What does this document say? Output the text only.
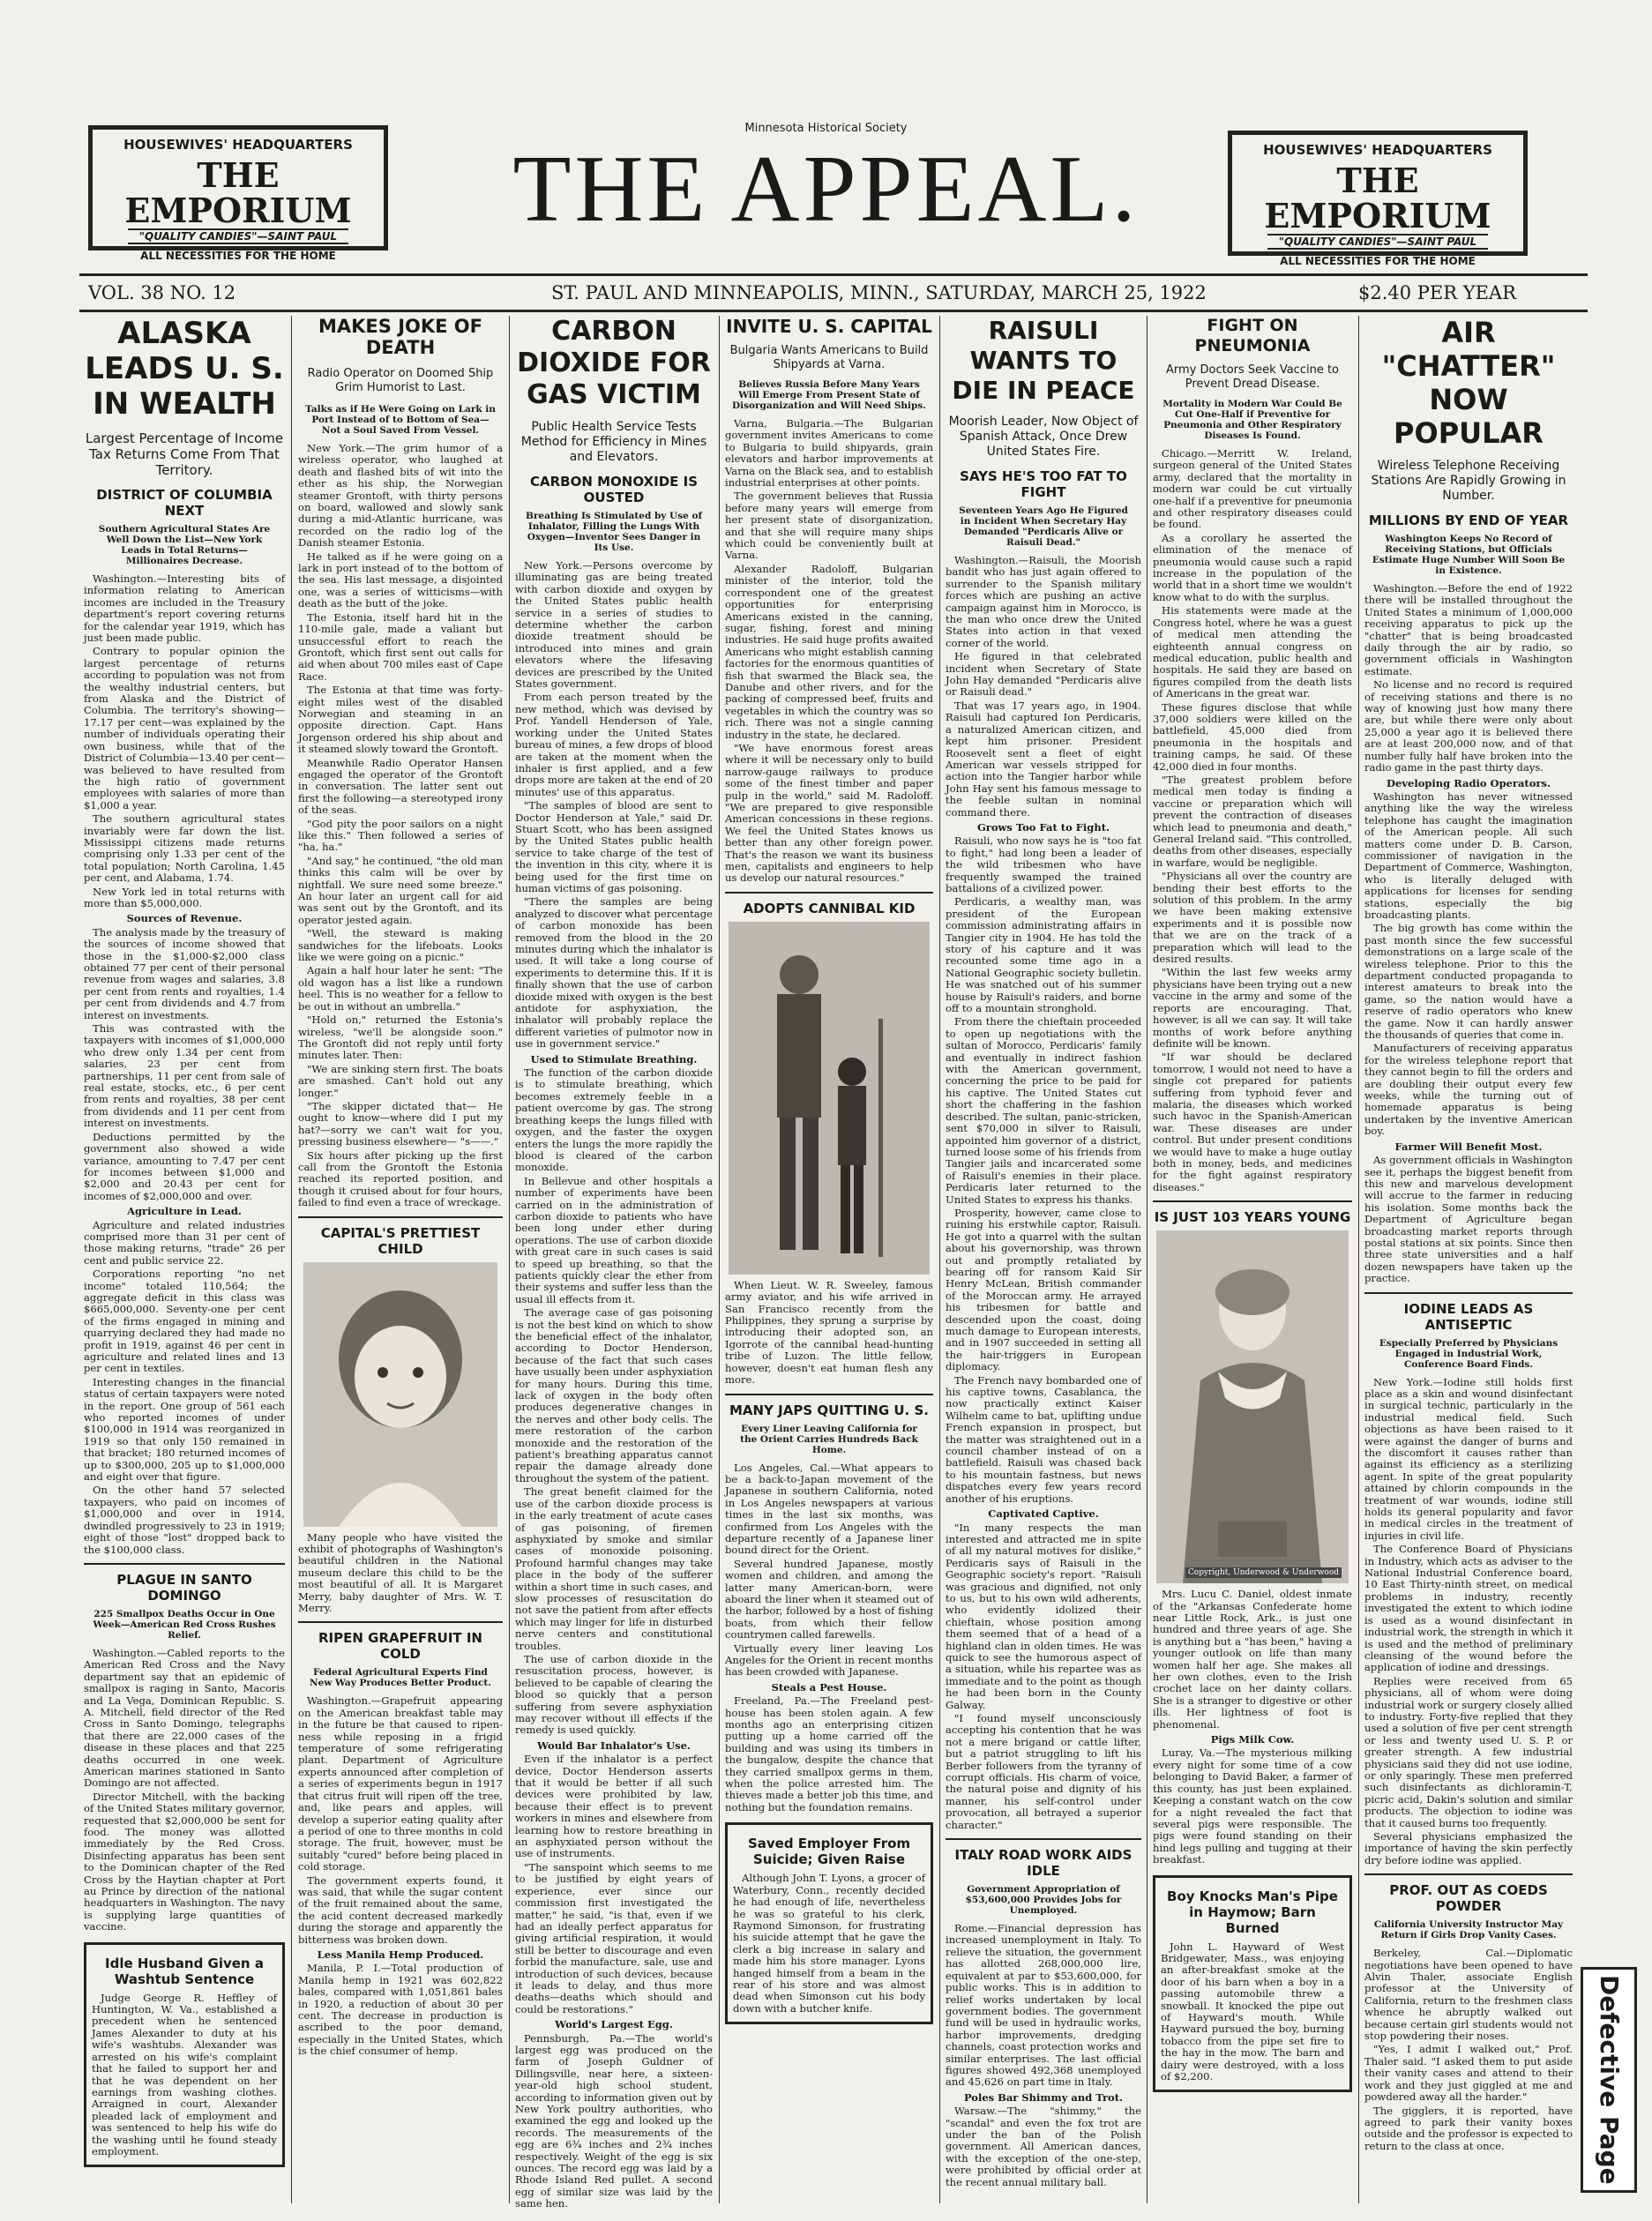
Minnesota Historical Society
HOUSEWIVES' HEADQUARTERS
THE EMPORIUM
"QUALITY CANDIES"—SAINT PAUL
ALL NECESSITIES FOR THE HOME
THE APPEAL.	HOUSEWIVES' HEADQUARTERS
THE EMPORIUM
"QUALITY CANDIES"—SAINT PAUL
ALL NECESSITIES FOR THE HOME
VOL. 38 NO. 12	ST. PAUL AND MINNEAPOLIS, MINN., SATURDAY, MARCH 25, 1922	$2.40 PER YEAR
ALASKA LEADS U. S. IN WEALTH
Largest Percentage of Income Tax Returns Come From That Territory.
DISTRICT OF COLUMBIA NEXT
Southern Agricultural States Are Well Down the List—New York Leads in Total Returns—Millionaires Decrease.

Washington.—Interesting bits of information relating to American incomes are included in the Treasury department's report covering returns for the calendar year 1919, which has just been made public.

Contrary to popular opinion the largest percentage of returns according to population was not from the wealthy industrial centers, but from Alaska and the District of Columbia. The territory's showing—17.17 per cent—was explained by the number of individuals operating their own business, while that of the District of Columbia—13.40 per cent—was believed to have resulted from the high ratio of government employees with salaries of more than $1,000 a year.

The southern agricultural states invariably were far down the list. Mississippi citizens made returns comprising only 1.33 per cent of the total population; North Carolina, 1.45 per cent, and Alabama, 1.74.

New York led in total returns with more than $5,000,000.

Sources of Revenue.

The analysis made by the treasury of the sources of income showed that those in the $1,000-$2,000 class obtained 77 per cent of their personal revenue from wages and salaries, 3.8 per cent from rents and royalties, 1.4 per cent from dividends and 4.7 from interest on investments.

This was contrasted with the taxpayers with incomes of $1,000,000 who drew only 1.34 per cent from salaries, 23 per cent from partnerships, 11 per cent from sale of real estate, stocks, etc., 6 per cent from rents and royalties, 38 per cent from dividends and 11 per cent from interest on investments.

Deductions permitted by the government also showed a wide variance, amounting to 7.47 per cent for incomes between $1,000 and $2,000 and 20.43 per cent for incomes of $2,000,000 and over.

Agriculture in Lead.

Agriculture and related industries comprised more than 31 per cent of those making returns, "trade" 26 per cent and public service 22.

Corporations reporting "no net income" totaled 110,564; the aggregate deficit in this class was $665,000,000. Seventy-one per cent of the firms engaged in mining and quarrying declared they had made no profit in 1919, against 46 per cent in agriculture and related lines and 13 per cent in textiles.

Interesting changes in the financial status of certain taxpayers were noted in the report. One group of 561 each who reported incomes of under $100,000 in 1914 was reorganized in 1919 so that only 150 remained in that bracket; 180 returned incomes of up to $300,000, 205 up to $1,000,000 and eight over that figure.

On the other hand 57 selected taxpayers, who paid on incomes of $1,000,000 and over in 1914, dwindled progressively to 23 in 1919; eight of those "lost" dropped back to the $100,000 class.

PLAGUE IN SANTO DOMINGO
225 Smallpox Deaths Occur in One Week—American Red Cross Rushes Relief.

Washington.—Cabled reports to the American Red Cross and the Navy department say that an epidemic of smallpox is raging in Santo, Macoris and La Vega, Dominican Republic. S. A. Mitchell, field director of the Red Cross in Santo Domingo, telegraphs that there are 22,000 cases of the disease in these places and that 225 deaths occurred in one week. American marines stationed in Santo Domingo are not affected.

Director Mitchell, with the backing of the United States military governor, requested that $2,000,000 be sent for food. The money was allotted immediately by the Red Cross. Disinfecting apparatus has been sent to the Dominican chapter of the Red Cross by the Haytian chapter at Port au Prince by direction of the national headquarters in Washington. The navy is supplying large quantities of vaccine.

Idle Husband Given a Washtub Sentence

Judge George R. Heffley of Huntington, W. Va., established a precedent when he sentenced James Alexander to duty at his wife's washtubs. Alexander was arrested on his wife's complaint that he failed to support her and that he was dependent on her earnings from washing clothes. Arraigned in court, Alexander pleaded lack of employment and was sentenced to help his wife do the washing until he found steady employment.

MAKES JOKE OF DEATH
Radio Operator on Doomed Ship Grim Humorist to Last.
Talks as if He Were Going on Lark in Port Instead of to Bottom of Sea—Not a Soul Saved From Vessel.

New York.—The grim humor of a wireless operator, who laughed at death and flashed bits of wit into the ether as his ship, the Norwegian steamer Grontoft, with thirty persons on board, wallowed and slowly sank during a mid-Atlantic hurricane, was recorded on the radio log of the Danish steamer Estonia.

He talked as if he were going on a lark in port instead of to the bottom of the sea. His last message, a disjointed one, was a series of witticisms—with death as the butt of the joke.

The Estonia, itself hard hit in the 110-mile gale, made a valiant but unsuccessful effort to reach the Grontoft, which first sent out calls for aid when about 700 miles east of Cape Race.

The Estonia at that time was forty-eight miles west of the disabled Norwegian and steaming in an opposite direction. Capt. Hans Jorgenson ordered his ship about and it steamed slowly toward the Grontoft.

Meanwhile Radio Operator Hansen engaged the operator of the Grontoft in conversation. The latter sent out first the following—a stereotyped irony of the seas.

"God pity the poor sailors on a night like this." Then followed a series of "ha, ha."

"And say," he continued, "the old man thinks this calm will be over by nightfall. We sure need some breeze." An hour later an urgent call for aid was sent out by the Grontoft, and its operator jested again.

"Well, the steward is making sandwiches for the lifeboats. Looks like we were going on a picnic."

Again a half hour later he sent: "The old wagon has a list like a rundown heel. This is no weather for a fellow to be out in without an umbrella."

"Hold on," returned the Estonia's wireless, "we'll be alongside soon." The Grontoft did not reply until forty minutes later. Then:

"We are sinking stern first. The boats are smashed. Can't hold out any longer."

"The skipper dictated that— He ought to know—where did I put my hat?—sorry we can't wait for you, pressing business elsewhere— "s——."

Six hours after picking up the first call from the Grontoft the Estonia reached its reported position, and though it cruised about for four hours, failed to find even a trace of wreckage.

CAPITAL'S PRETTIEST CHILD

Many people who have visited the exhibit of photographs of Washington's beautiful children in the National museum declare this child to be the most beautiful of all. It is Margaret Merry, baby daughter of Mrs. W. T. Merry.

RIPEN GRAPEFRUIT IN COLD
Federal Agricultural Experts Find New Way Produces Better Product.

Washington.—Grapefruit appearing on the American breakfast table may in the future be that caused to ripen-ness while reposing in a frigid temperature of some refrigerating plant. Department of Agriculture experts announced after completion of a series of experiments begun in 1917 that citrus fruit will ripen off the tree, and, like pears and apples, will develop a superior eating quality after a period of one to three months in cold storage. The fruit, however, must be suitably "cured" before being placed in cold storage.

The government experts found, it was said, that while the sugar content of the fruit remained about the same, the acid content decreased markedly during the storage and apparently the bitterness was broken down.

Less Manila Hemp Produced.

Manila, P. I.—Total production of Manila hemp in 1921 was 602,822 bales, compared with 1,051,861 bales in 1920, a reduction of about 30 per cent. The decrease in production is ascribed to the poor demand, especially in the United States, which is the chief consumer of hemp.

CARBON DIOXIDE FOR GAS VICTIM
Public Health Service Tests Method for Efficiency in Mines and Elevators.
CARBON MONOXIDE IS OUSTED
Breathing Is Stimulated by Use of Inhalator, Filling the Lungs With Oxygen—Inventor Sees Danger in Its Use.

New York.—Persons overcome by illuminating gas are being treated with carbon dioxide and oxygen by the United States public health service in a series of studies to determine whether the carbon dioxide treatment should be introduced into mines and grain elevators where the lifesaving devices are prescribed by the United States government.

From each person treated by the new method, which was devised by Prof. Yandell Henderson of Yale, working under the United States bureau of mines, a few drops of blood are taken at the moment when the inhaler is first applied, and a few drops more are taken at the end of 20 minutes' use of this apparatus.

"The samples of blood are sent to Doctor Henderson at Yale," said Dr. Stuart Scott, who has been assigned by the United States public health service to take charge of the test of the invention in this city, where it is being used for the first time on human victims of gas poisoning.

"There the samples are being analyzed to discover what percentage of carbon monoxide has been removed from the blood in the 20 minutes during which the inhalator is used. It will take a long course of experiments to determine this. If it is finally shown that the use of carbon dioxide mixed with oxygen is the best antidote for asphyxiation, the inhalator will probably replace the different varieties of pulmotor now in use in government service."

Used to Stimulate Breathing.

The function of the carbon dioxide is to stimulate breathing, which becomes extremely feeble in a patient overcome by gas. The strong breathing keeps the lungs filled with oxygen, and the faster the oxygen enters the lungs the more rapidly the blood is cleared of the carbon monoxide.

In Bellevue and other hospitals a number of experiments have been carried on in the administration of carbon dioxide to patients who have been long under ether during operations. The use of carbon dioxide with great care in such cases is said to speed up breathing, so that the patients quickly clear the ether from their systems and suffer less than the usual ill effects from it.

The average case of gas poisoning is not the best kind on which to show the beneficial effect of the inhalator, according to Doctor Henderson, because of the fact that such cases have usually been under asphyxiation for many hours. During this time, lack of oxygen in the body often produces degenerative changes in the nerves and other body cells. The mere restoration of the carbon monoxide and the restoration of the patient's breathing apparatus cannot repair the damage already done throughout the system of the patient.

The great benefit claimed for the use of the carbon dioxide process is in the early treatment of acute cases of gas poisoning, of firemen asphyxiated by smoke and similar cases of monoxide poisoning. Profound harmful changes may take place in the body of the sufferer within a short time in such cases, and slow processes of resuscitation do not save the patient from after effects which may linger for life in disturbed nerve centers and constitutional troubles.

The use of carbon dioxide in the resuscitation process, however, is believed to be capable of clearing the blood so quickly that a person suffering from severe asphyxiation may recover without ill effects if the remedy is used quickly.

Would Bar Inhalator's Use.

Even if the inhalator is a perfect device, Doctor Henderson asserts that it would be better if all such devices were prohibited by law, because their effect is to prevent workers in mines and elsewhere from learning how to restore breathing in an asphyxiated person without the use of instruments.

"The sanspoint which seems to me to be justified by eight years of experience, ever since our commission first investigated the matter," he said, "is that, even if we had an ideally perfect apparatus for giving artificial respiration, it would still be better to discourage and even forbid the manufacture, sale, use and introduction of such devices, because it leads to delay, and thus more deaths—deaths which should and could be restorations."

World's Largest Egg.

Pennsburgh, Pa.—The world's largest egg was produced on the farm of Joseph Guldner of Dillingsville, near here, a sixteen-year-old high school student, according to information given out by New York poultry authorities, who examined the egg and looked up the records. The measurements of the egg are 6¾ inches and 2¾ inches respectively. Weight of the egg is six ounces. The record egg was laid by a Rhode Island Red pullet. A second egg of similar size was laid by the same hen.

INVITE U. S. CAPITAL
Bulgaria Wants Americans to Build Shipyards at Varna.
Believes Russia Before Many Years Will Emerge From Present State of Disorganization and Will Need Ships.

Varna, Bulgaria.—The Bulgarian government invites Americans to come to Bulgaria to build shipyards, grain elevators and harbor improvements at Varna on the Black sea, and to establish industrial enterprises at other points.

The government believes that Russia before many years will emerge from her present state of disorganization, and that she will require many ships which could be conveniently built at Varna.

Alexander Radoloff, Bulgarian minister of the interior, told the correspondent one of the greatest opportunities for enterprising Americans existed in the canning, sugar, fishing, forest and mining industries. He said huge profits awaited Americans who might establish canning factories for the enormous quantities of fish that swarmed the Black sea, the Danube and other rivers, and for the packing of compressed beef, fruits and vegetables in which the country was so rich. There was not a single canning industry in the state, he declared.

"We have enormous forest areas where it will be necessary only to build narrow-gauge railways to produce some of the finest timber and paper pulp in the world," said M. Radoloff. "We are prepared to give responsible American concessions in these regions. We feel the United States knows us better than any other foreign power. That's the reason we want its business men, capitalists and engineers to help us develop our natural resources."

ADOPTS CANNIBAL KID

When Lieut. W. R. Sweeley, famous army aviator, and his wife arrived in San Francisco recently from the Philippines, they sprung a surprise by introducing their adopted son, an Igorrote of the cannibal head-hunting tribe of Luzon. The little fellow, however, doesn't eat human flesh any more.

MANY JAPS QUITTING U. S.
Every Liner Leaving California for the Orient Carries Hundreds Back Home.

Los Angeles, Cal.—What appears to be a back-to-Japan movement of the Japanese in southern California, noted in Los Angeles newspapers at various times in the last six months, was confirmed from Los Angeles with the departure recently of a Japanese liner bound direct for the Orient.

Several hundred Japanese, mostly women and children, and among the latter many American-born, were aboard the liner when it steamed out of the harbor, followed by a host of fishing boats, from which their fellow countrymen called farewells.

Virtually every liner leaving Los Angeles for the Orient in recent months has been crowded with Japanese.

Steals a Pest House.

Freeland, Pa.—The Freeland pest-house has been stolen again. A few months ago an enterprising citizen putting up a home carried off the building and was using its timbers in the bungalow, despite the chance that they carried smallpox germs in them, when the police arrested him. The thieves made a better job this time, and nothing but the foundation remains.

Saved Employer From Suicide; Given Raise

Although John T. Lyons, a grocer of Waterbury, Conn., recently decided he had enough of life, nevertheless he was so grateful to his clerk, Raymond Simonson, for frustrating his suicide attempt that he gave the clerk a big increase in salary and made him his store manager. Lyons hanged himself from a beam in the rear of his store and was almost dead when Simonson cut his body down with a butcher knife.

RAISULI WANTS TO DIE IN PEACE
Moorish Leader, Now Object of Spanish Attack, Once Drew United States Fire.
SAYS HE'S TOO FAT TO FIGHT
Seventeen Years Ago He Figured in Incident When Secretary Hay Demanded "Perdicaris Alive or Raisuli Dead."

Washington.—Raisuli, the Moorish bandit who has just again offered to surrender to the Spanish military forces which are pushing an active campaign against him in Morocco, is the man who once drew the United States into action in that vexed corner of the world.

He figured in that celebrated incident when Secretary of State John Hay demanded "Perdicaris alive or Raisuli dead."

That was 17 years ago, in 1904. Raisuli had captured Ion Perdicaris, a naturalized American citizen, and kept him prisoner. President Roosevelt sent a fleet of eight American war vessels stripped for action into the Tangier harbor while John Hay sent his famous message to the feeble sultan in nominal command there.

Grows Too Fat to Fight.

Raisuli, who now says he is "too fat to fight," had long been a leader of the wild tribesmen who have frequently swamped the trained battalions of a civilized power.

Perdicaris, a wealthy man, was president of the European commission administrating affairs in Tangier city in 1904. He has told the story of his capture and it was recounted some time ago in a National Geographic society bulletin. He was snatched out of his summer house by Raisuli's raiders, and borne off to a mountain stronghold.

From there the chieftain proceeded to open up negotiations with the sultan of Morocco, Perdicaris' family and eventually in indirect fashion with the American government, concerning the price to be paid for his captive. The United States cut short the chaffering in the fashion described. The sultan, panic-stricken, sent $70,000 in silver to Raisuli, appointed him governor of a district, turned loose some of his friends from Tangier jails and incarcerated some of Raisuli's enemies in their place. Perdicaris later returned to the United States to express his thanks.

Prosperity, however, came close to ruining his erstwhile captor, Raisuli. He got into a quarrel with the sultan about his governorship, was thrown out and promptly retaliated by bearing off for ransom Kaid Sir Henry McLean, British commander of the Moroccan army. He arrayed his tribesmen for battle and descended upon the coast, doing much damage to European interests, and in 1907 succeeded in setting all the hair-triggers in European diplomacy.

The French navy bombarded one of his captive towns, Casablanca, the now practically extinct Kaiser Wilhelm came to bat, uplifting undue French expansion in prospect, but the matter was straightened out in a council chamber instead of on a battlefield. Raisuli was chased back to his mountain fastness, but news dispatches every few years record another of his eruptions.

Captivated Captive.

"In many respects the man interested and attracted me in spite of all my natural motives for dislike," Perdicaris says of Raisuli in the Geographic society's report. "Raisuli was gracious and dignified, not only to us, but to his own wild adherents, who evidently idolized their chieftain, whose position among them seemed that of a head of a highland clan in olden times. He was quick to see the humorous aspect of a situation, while his repartee was as immediate and to the point as though he had been born in the County Galway.

"I found myself unconsciously accepting his contention that he was not a mere brigand or cattle lifter, but a patriot struggling to lift his Berber followers from the tyranny of corrupt officials. His charm of voice, the natural poise and dignity of his manner, his self-control under provocation, all betrayed a superior character."

ITALY ROAD WORK AIDS IDLE
Government Appropriation of $53,600,000 Provides Jobs for Unemployed.

Rome.—Financial depression has increased unemployment in Italy. To relieve the situation, the government has allotted 268,000,000 lire, equivalent at par to $53,600,000, for public works. This is in addition to relief works undertaken by local government bodies. The government fund will be used in hydraulic works, harbor improvements, dredging channels, coast protection works and similar enterprises. The last official figures showed 492,368 unemployed and 45,626 on part time in Italy.

Poles Bar Shimmy and Trot.

Warsaw.—The "shimmy," the "scandal" and even the fox trot are under the ban of the Polish government. All American dances, with the exception of the one-step, were prohibited by official order at the recent annual military ball.

FIGHT ON PNEUMONIA
Army Doctors Seek Vaccine to Prevent Dread Disease.
Mortality in Modern War Could Be Cut One-Half if Preventive for Pneumonia and Other Respiratory Diseases Is Found.

Chicago.—Merritt W. Ireland, surgeon general of the United States army, declared that the mortality in modern war could be cut virtually one-half if a preventive for pneumonia and other respiratory diseases could be found.

As a corollary he asserted the elimination of the menace of pneumonia would cause such a rapid increase in the population of the world that in a short time we wouldn't know what to do with the surplus.

His statements were made at the Congress hotel, where he was a guest of medical men attending the eighteenth annual congress on medical education, public health and hospitals. He said they are based on figures compiled from the death lists of Americans in the great war.

These figures disclose that while 37,000 soldiers were killed on the battlefield, 45,000 died from pneumonia in the hospitals and training camps, he said. Of these 42,000 died in four months.

"The greatest problem before medical men today is finding a vaccine or preparation which will prevent the contraction of diseases which lead to pneumonia and death," General Ireland said. "This controlled, deaths from other diseases, especially in warfare, would be negligible.

"Physicians all over the country are bending their best efforts to the solution of this problem. In the army we have been making extensive experiments and it is possible now that we are on the track of a preparation which will lead to the desired results.

"Within the last few weeks army physicians have been trying out a new vaccine in the army and some of the reports are encouraging. That, however, is all we can say. It will take months of work before anything definite will be known.

"If war should be declared tomorrow, I would not need to have a single cot prepared for patients suffering from typhoid fever and malaria, the diseases which worked such havoc in the Spanish-American war. These diseases are under control. But under present conditions we would have to make a huge outlay both in money, beds, and medicines for the fight against respiratory diseases."

IS JUST 103 YEARS YOUNG
Copyright, Underwood & Underwood

Mrs. Lucu C. Daniel, oldest inmate of the "Arkansas Confederate home near Little Rock, Ark., is just one hundred and three years of age. She is anything but a "has been," having a younger outlook on life than many women half her age. She makes all her own clothes, even to the Irish crochet lace on her dainty collars. She is a stranger to digestive or other ills. Her lightness of foot is phenomenal.

Pigs Milk Cow.

Luray, Va.—The mysterious milking every night for some time of a cow belonging to David Baker, a farmer of this county, has just been explained. Keeping a constant watch on the cow for a night revealed the fact that several pigs were responsible. The pigs were found standing on their hind legs pulling and tugging at their breakfast.

Boy Knocks Man's Pipe in Haymow; Barn Burned

John L. Hayward of West Bridgewater, Mass., was enjoying an after-breakfast smoke at the door of his barn when a boy in a passing automobile threw a snowball. It knocked the pipe out of Hayward's mouth. While Hayward pursued the boy, burning tobacco from the pipe set fire to the hay in the mow. The barn and dairy were destroyed, with a loss of $2,200.

AIR "CHATTER" NOW POPULAR
Wireless Telephone Receiving Stations Are Rapidly Growing in Number.
MILLIONS BY END OF YEAR
Washington Keeps No Record of Receiving Stations, but Officials Estimate Huge Number Will Soon Be in Existence.

Washington.—Before the end of 1922 there will be installed throughout the United States a minimum of 1,000,000 receiving apparatus to pick up the "chatter" that is being broadcasted daily through the air by radio, so government officials in Washington estimate.

No license and no record is required of receiving stations and there is no way of knowing just how many there are, but while there were only about 25,000 a year ago it is believed there are at least 200,000 now, and of that number fully half have broken into the radio game in the past thirty days.

Developing Radio Operators.

Washington has never witnessed anything like the way the wireless telephone has caught the imagination of the American people. All such matters come under D. B. Carson, commissioner of navigation in the Department of Commerce, Washington, who is literally deluged with applications for licenses for sending stations, especially the big broadcasting plants.

The big growth has come within the past month since the few successful demonstrations on a large scale of the wireless telephone. Prior to this the department conducted propaganda to interest amateurs to break into the game, so the nation would have a reserve of radio operators who knew the game. Now it can hardly answer the thousands of queries that come in.

Manufacturers of receiving apparatus for the wireless telephone report that they cannot begin to fill the orders and are doubling their output every few weeks, while the turning out of homemade apparatus is being undertaken by the inventive American boy.

Farmer Will Benefit Most.

As government officials in Washington see it, perhaps the biggest benefit from this new and marvelous development will accrue to the farmer in reducing his isolation. Some months back the Department of Agriculture began broadcasting market reports through postal stations at six points. Since then three state universities and a half dozen newspapers have taken up the practice.

IODINE LEADS AS ANTISEPTIC
Especially Preferred by Physicians Engaged in Industrial Work, Conference Board Finds.

New York.—Iodine still holds first place as a skin and wound disinfectant in surgical technic, particularly in the industrial medical field. Such objections as have been raised to it were against the danger of burns and the discomfort it causes rather than against its efficiency as a sterilizing agent. In spite of the great popularity attained by chlorin compounds in the treatment of war wounds, iodine still holds its general popularity and favor in medical circles in the treatment of injuries in civil life.

The Conference Board of Physicians in Industry, which acts as adviser to the National Industrial Conference board, 10 East Thirty-ninth street, on medical problems in industry, recently investigated the extent to which iodine is used as a wound disinfectant in industrial work, the strength in which it is used and the method of preliminary cleansing of the wound before the application of iodine and dressings.

Replies were received from 65 physicians, all of whom were doing industrial work or surgery closely allied to industry. Forty-five replied that they used a solution of five per cent strength or less and twenty used U. S. P. or greater strength. A few industrial physicians said they did not use iodine, or only sparingly. These men preferred such disinfectants as dichloramin-T, picric acid, Dakin's solution and similar products. The objection to iodine was that it caused burns too frequently.

Several physicians emphasized the importance of having the skin perfectly dry before iodine was applied.

PROF. OUT AS COEDS POWDER
California University Instructor May Return if Girls Drop Vanity Cases.

Berkeley, Cal.—Diplomatic negotiations have been opened to have Alvin Thaler, associate English professor at the University of California, return to the freshmen class whence he abruptly walked out because certain girl students would not stop powdering their noses.

"Yes, I admit I walked out," Prof. Thaler said. "I asked them to put aside their vanity cases and attend to their work and they just giggled at me and powdered away all the harder."

The gigglers, it is reported, have agreed to park their vanity boxes outside and the professor is expected to return to the class at once.	Defective Page
